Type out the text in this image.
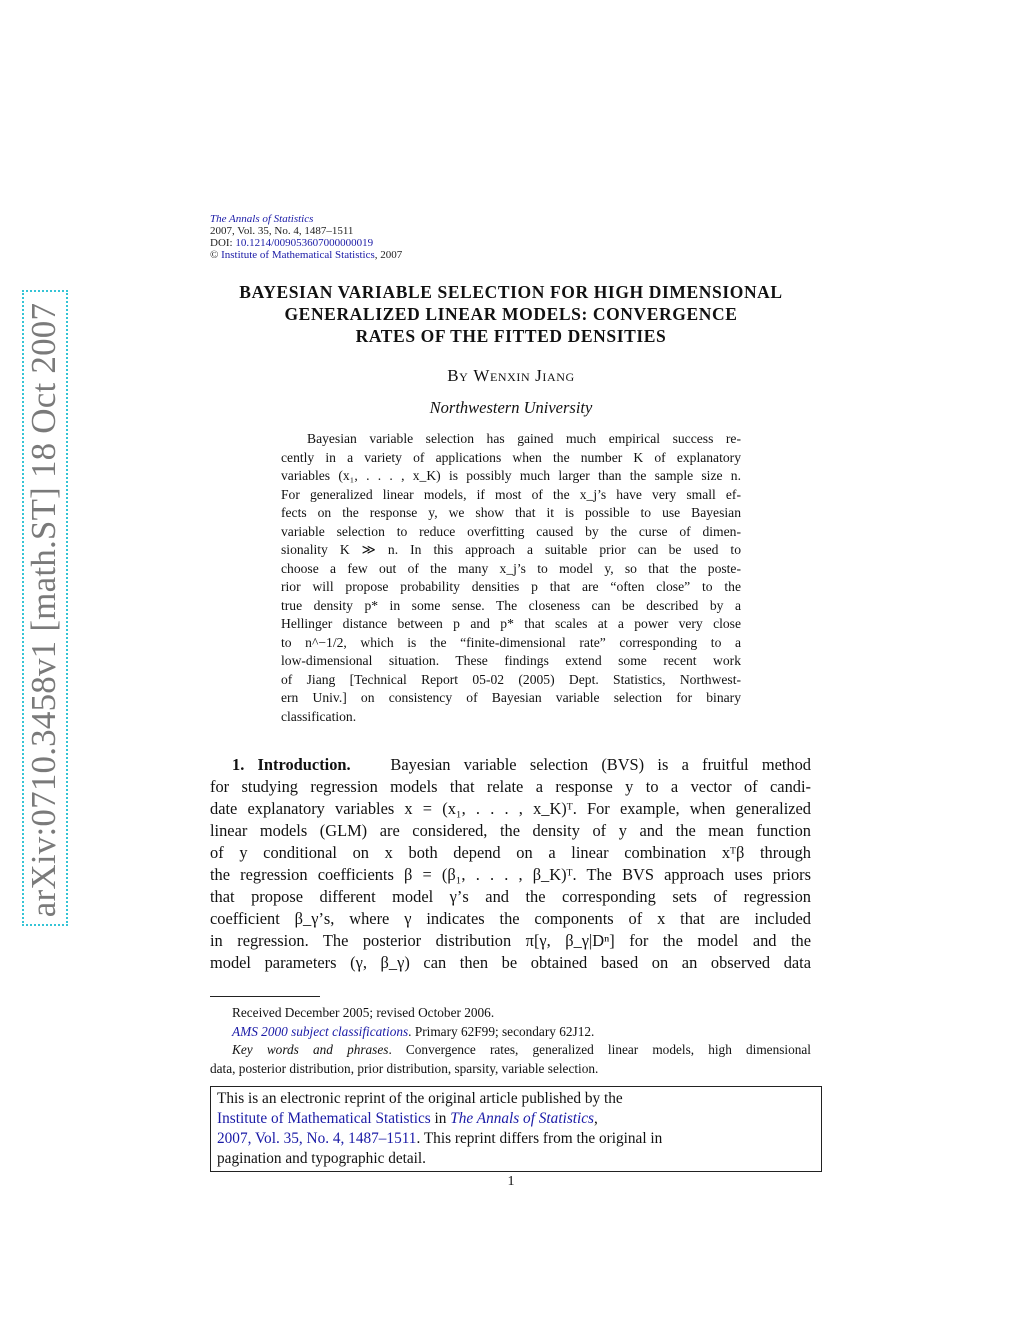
arXiv:0710.3458v1 [math.ST] 18 Oct 2007
The Annals of Statistics
2007, Vol. 35, No. 4, 1487–1511
DOI: 10.1214/009053607000000019
© Institute of Mathematical Statistics, 2007
BAYESIAN VARIABLE SELECTION FOR HIGH DIMENSIONAL
GENERALIZED LINEAR MODELS: CONVERGENCE
RATES OF THE FITTED DENSITIES
By Wenxin Jiang
Northwestern University
Bayesian variable selection has gained much empirical success re-
cently in a variety of applications when the number K of explanatory
variables (x₁, . . . , x_K) is possibly much larger than the sample size n.
For generalized linear models, if most of the x_j’s have very small ef-
fects on the response y, we show that it is possible to use Bayesian
variable selection to reduce overfitting caused by the curse of dimen-
sionality K ≫ n. In this approach a suitable prior can be used to
choose a few out of the many x_j’s to model y, so that the poste-
rior will propose probability densities p that are “often close” to the
true density p* in some sense. The closeness can be described by a
Hellinger distance between p and p* that scales at a power very close
to n^−1/2, which is the “finite-dimensional rate” corresponding to a
low-dimensional situation. These findings extend some recent work
of Jiang [Technical Report 05-02 (2005) Dept. Statistics, Northwest-
ern Univ.] on consistency of Bayesian variable selection for binary
classification.
1. Introduction. Bayesian variable selection (BVS) is a fruitful method
for studying regression models that relate a response y to a vector of candi-
date explanatory variables x = (x₁, . . . , x_K)ᵀ. For example, when generalized
linear models (GLM) are considered, the density of y and the mean function
of y conditional on x both depend on a linear combination xᵀβ through
the regression coefficients β = (β₁, . . . , β_K)ᵀ. The BVS approach uses priors
that propose different model γ’s and the corresponding sets of regression
coefficient β_γ’s, where γ indicates the components of x that are included
in regression. The posterior distribution π[γ, β_γ|Dⁿ] for the model and the
model parameters (γ, β_γ) can then be obtained based on an observed data
Received December 2005; revised October 2006.
AMS 2000 subject classifications. Primary 62F99; secondary 62J12.
Key words and phrases. Convergence rates, generalized linear models, high dimensional
data, posterior distribution, prior distribution, sparsity, variable selection.
This is an electronic reprint of the original article published by the
Institute of Mathematical Statistics in The Annals of Statistics,
2007, Vol. 35, No. 4, 1487–1511. This reprint differs from the original in
pagination and typographic detail.
1
